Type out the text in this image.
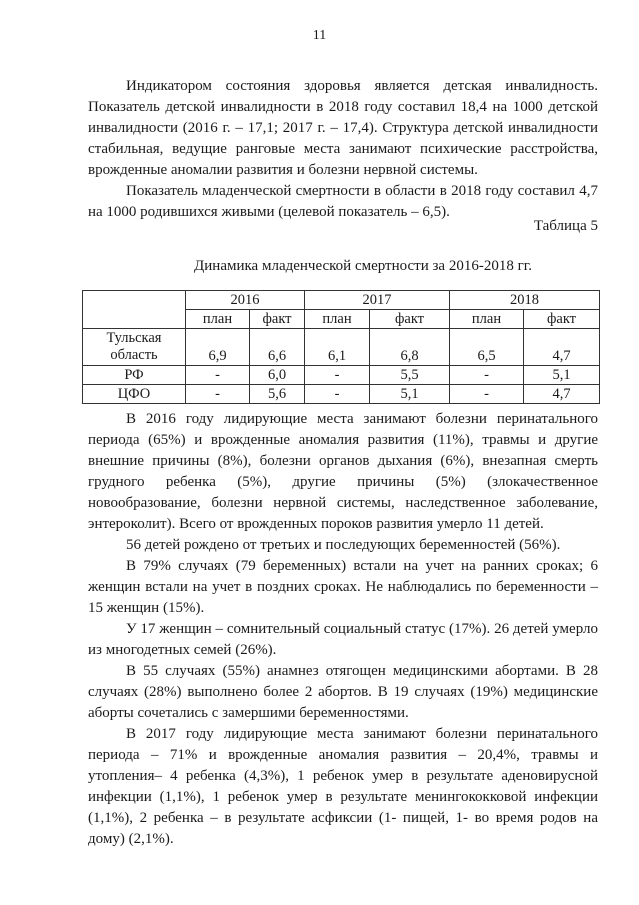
11

Индикатором состояния здоровья является детская инвалидность. Показатель детской инвалидности в 2018 году составил 18,4 на 1000 детской инвалидности (2016 г. – 17,1; 2017 г. – 17,4). Структура детской инвалидности стабильная, ведущие ранговые места занимают психические расстройства, врожденные аномалии развития и болезни нервной системы.

Показатель младенческой смертности в области в 2018 году составил 4,7 на 1000 родившихся живыми (целевой показатель – 6,5).

Таблица 5
Динамика младенческой смертности за 2016-2018 гг.
	2016		2017		2018	
	план	факт	план	факт	план	факт

Тульская
область	6,9	6,6	6,1	6,8	6,5	4,7
РФ	-	6,0	-	5,5	-	5,1
ЦФО	-	5,6	-	5,1	-	4,7

В 2016 году лидирующие места занимают болезни перинатального периода (65%) и врожденные аномалия развития (11%), травмы и другие внешние причины (8%), болезни органов дыхания (6%), внезапная смерть грудного ребенка (5%), другие причины (5%) (злокачественное новообразование, болезни нервной системы, наследственное заболевание, энтероколит). Всего от врожденных пороков развития умерло 11 детей.

56 детей рождено от третьих и последующих беременностей (56%).

В 79% случаях (79 беременных) встали на учет на ранних сроках; 6 женщин встали на учет в поздних сроках. Не наблюдались по беременности – 15 женщин (15%).

У 17 женщин – сомнительный социальный статус (17%). 26 детей умерло из многодетных семей (26%).

В 55 случаях (55%) анамнез отягощен медицинскими абортами. В 28 случаях (28%) выполнено более 2 абортов. В 19 случаях (19%) медицинские аборты сочетались с замершими беременностями.

В 2017 году лидирующие места занимают болезни перинатального периода – 71% и врожденные аномалия развития – 20,4%, травмы и утопления– 4 ребенка (4,3%), 1 ребенок умер в результате аденовирусной инфекции (1,1%), 1 ребенок умер в результате менингококковой инфекции (1,1%), 2 ребенка – в результате асфиксии (1- пищей, 1- во время родов на дому) (2,1%).
